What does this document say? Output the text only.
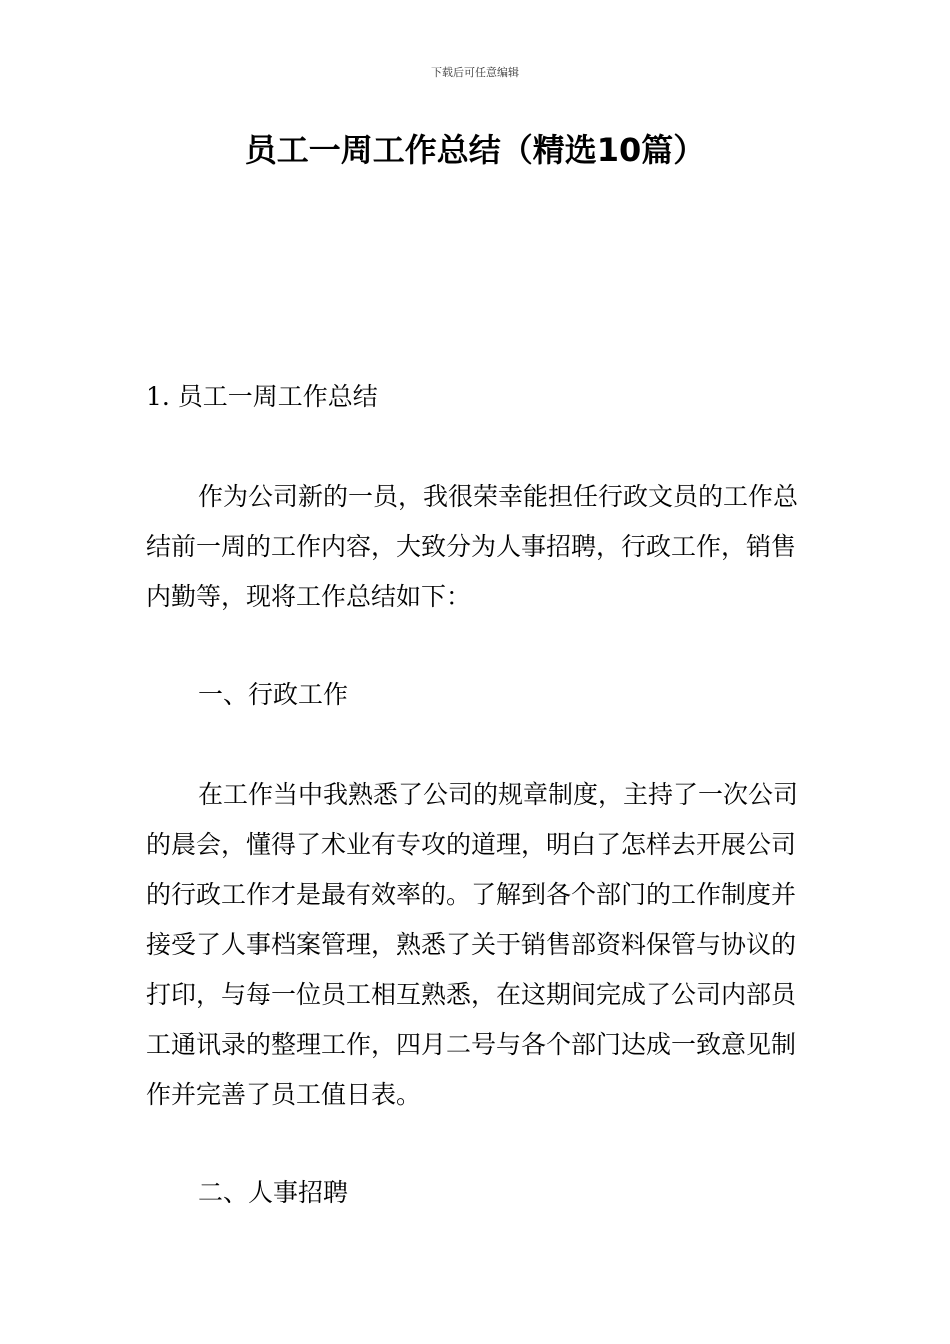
下载后可任意编辑
员工一周工作总结（精选10篇）

1. 员工一周工作总结

作为公司新的一员，我很荣幸能担任行政文员的工作总结前一周的工作内容，大致分为人事招聘，行政工作，销售内勤等，现将工作总结如下：

一、行政工作

在工作当中我熟悉了公司的规章制度，主持了一次公司的晨会，懂得了术业有专攻的道理，明白了怎样去开展公司的行政工作才是最有效率的。了解到各个部门的工作制度并接受了人事档案管理，熟悉了关于销售部资料保管与协议的打印，与每一位员工相互熟悉，在这期间完成了公司内部员工通讯录的整理工作，四月二号与各个部门达成一致意见制作并完善了员工值日表。

二、人事招聘
